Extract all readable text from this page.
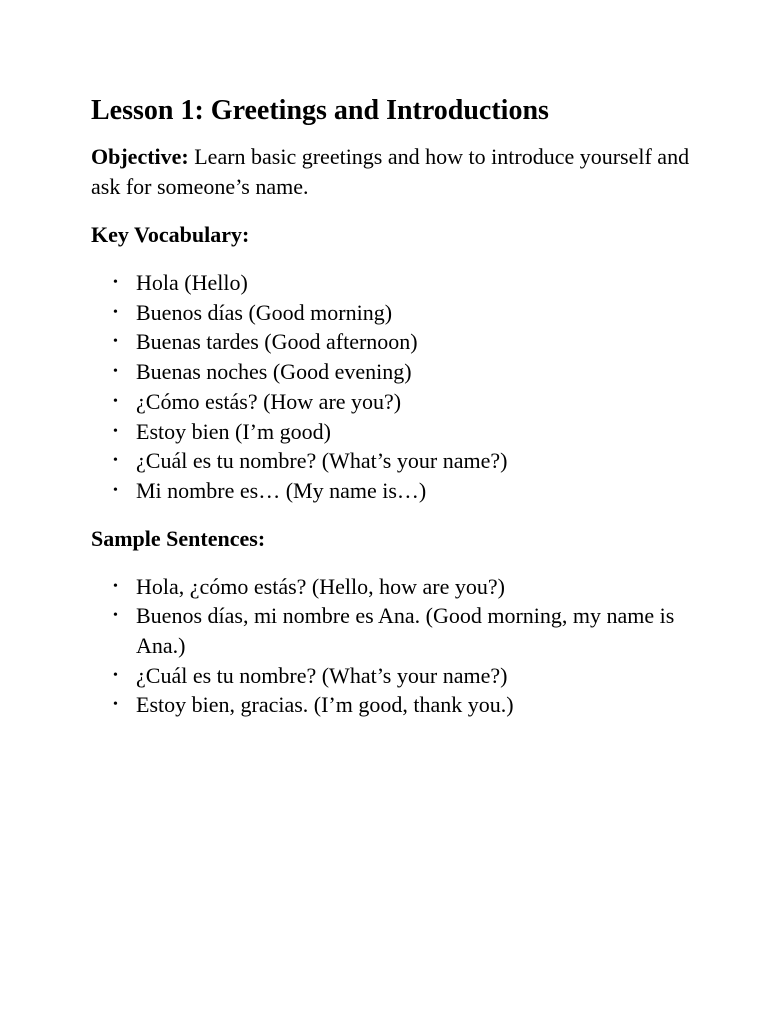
Lesson 1: Greetings and Introductions

Objective: Learn basic greetings and how to introduce yourself and ask for someone’s name.

Key Vocabulary:
• Hola (Hello)
• Buenos días (Good morning)
• Buenas tardes (Good afternoon)
• Buenas noches (Good evening)
• ¿Cómo estás? (How are you?)
• Estoy bien (I’m good)
• ¿Cuál es tu nombre? (What’s your name?)
• Mi nombre es… (My name is…)
Sample Sentences:
• Hola, ¿cómo estás? (Hello, how are you?)
• Buenos días, mi nombre es Ana. (Good morning, my name is Ana.)
• ¿Cuál es tu nombre? (What’s your name?)
• Estoy bien, gracias. (I’m good, thank you.)
